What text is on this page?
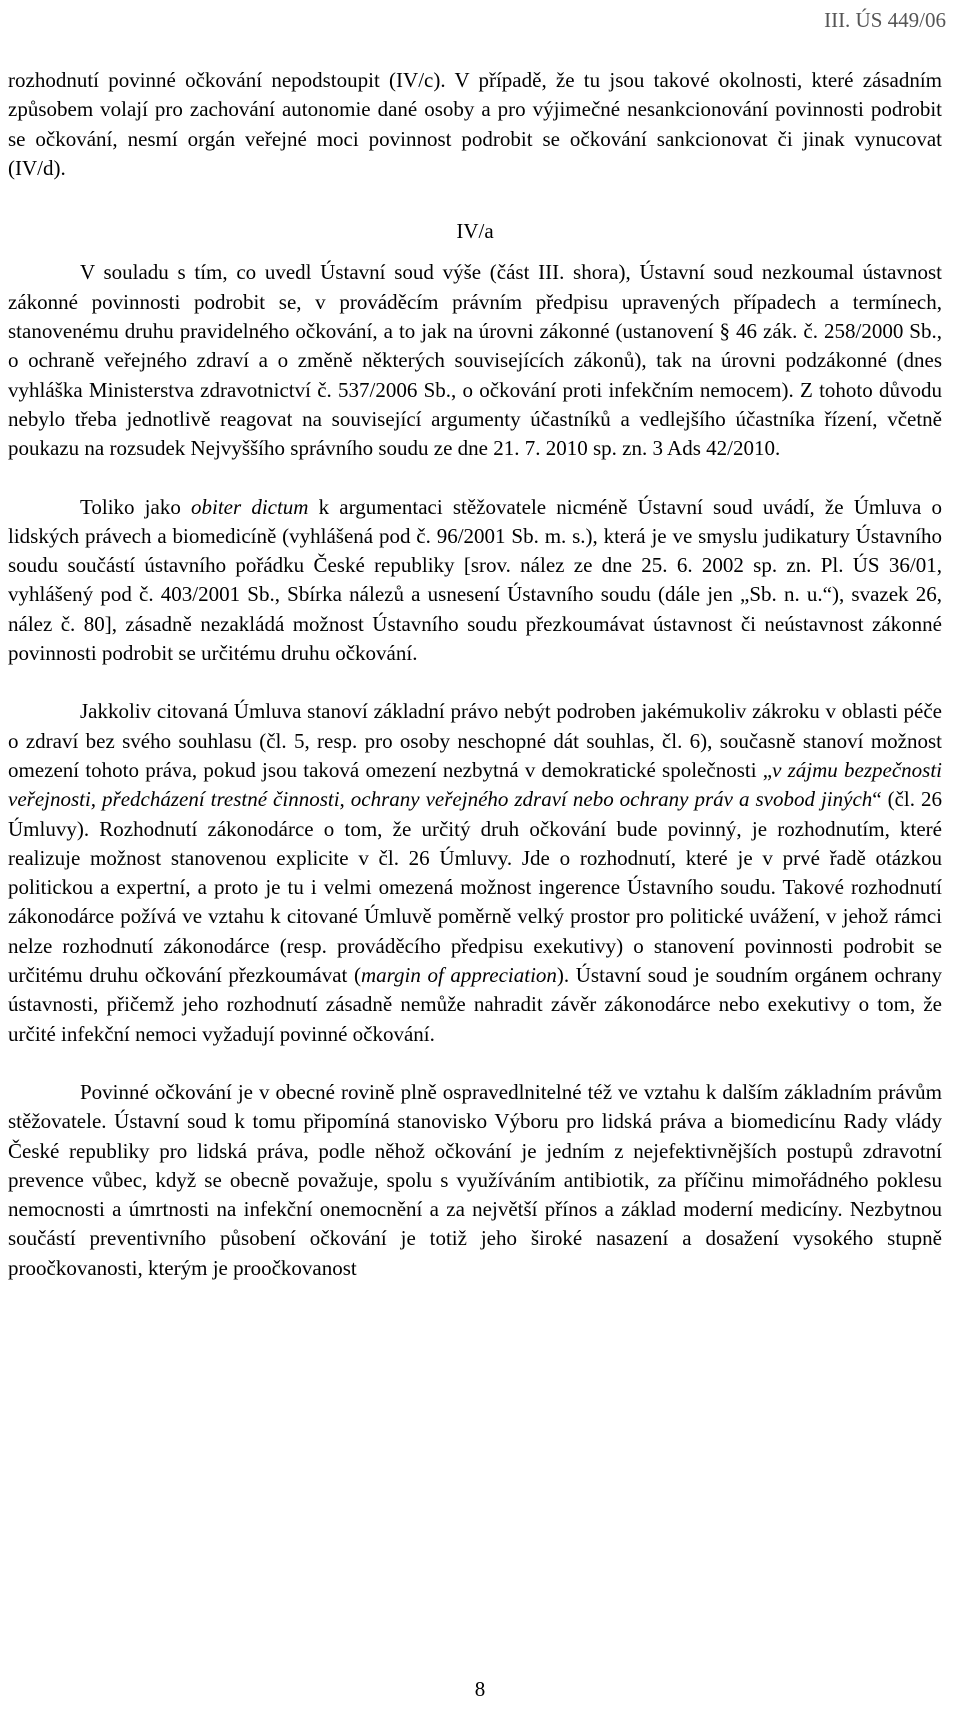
III. ÚS 449/06

rozhodnutí povinné očkování nepodstoupit (IV/c). V případě, že tu jsou takové okolnosti, které zásadním způsobem volají pro zachování autonomie dané osoby a pro výjimečné nesankcionování povinnosti podrobit se očkování, nesmí orgán veřejné moci povinnost podrobit se očkování sankcionovat či jinak vynucovat (IV/d).

IV/a

V souladu s tím, co uvedl Ústavní soud výše (část III. shora), Ústavní soud nezkoumal ústavnost zákonné povinnosti podrobit se, v prováděcím právním předpisu upravených případech a termínech, stanovenému druhu pravidelného očkování, a to jak na úrovni zákonné (ustanovení § 46 zák. č. 258/2000 Sb., o ochraně veřejného zdraví a o změně některých souvisejících zákonů), tak na úrovni podzákonné (dnes vyhláška Ministerstva zdravotnictví č. 537/2006 Sb., o očkování proti infekčním nemocem). Z tohoto důvodu nebylo třeba jednotlivě reagovat na související argumenty účastníků a vedlejšího účastníka řízení, včetně poukazu na rozsudek Nejvyššího správního soudu ze dne 21. 7. 2010 sp. zn. 3 Ads 42/2010.

Toliko jako obiter dictum k argumentaci stěžovatele nicméně Ústavní soud uvádí, že Úmluva o lidských právech a biomedicíně (vyhlášená pod č. 96/2001 Sb. m. s.), která je ve smyslu judikatury Ústavního soudu součástí ústavního pořádku České republiky [srov. nález ze dne 25. 6. 2002 sp. zn. Pl. ÚS 36/01, vyhlášený pod č. 403/2001 Sb., Sbírka nálezů a usnesení Ústavního soudu (dále jen „Sb. n. u.“), svazek 26, nález č. 80], zásadně nezakládá možnost Ústavního soudu přezkoumávat ústavnost či neústavnost zákonné povinnosti podrobit se určitému druhu očkování.

Jakkoliv citovaná Úmluva stanoví základní právo nebýt podroben jakémukoliv zákroku v oblasti péče o zdraví bez svého souhlasu (čl. 5, resp. pro osoby neschopné dát souhlas, čl. 6), současně stanoví možnost omezení tohoto práva, pokud jsou taková omezení nezbytná v demokratické společnosti „v zájmu bezpečnosti veřejnosti, předcházení trestné činnosti, ochrany veřejného zdraví nebo ochrany práv a svobod jiných“ (čl. 26 Úmluvy). Rozhodnutí zákonodárce o tom, že určitý druh očkování bude povinný, je rozhodnutím, které realizuje možnost stanovenou explicite v čl. 26 Úmluvy. Jde o rozhodnutí, které je v prvé řadě otázkou politickou a expertní, a proto je tu i velmi omezená možnost ingerence Ústavního soudu. Takové rozhodnutí zákonodárce požívá ve vztahu k citované Úmluvě poměrně velký prostor pro politické uvážení, v jehož rámci nelze rozhodnutí zákonodárce (resp. prováděcího předpisu exekutivy) o stanovení povinnosti podrobit se určitému druhu očkování přezkoumávat (margin of appreciation). Ústavní soud je soudním orgánem ochrany ústavnosti, přičemž jeho rozhodnutí zásadně nemůže nahradit závěr zákonodárce nebo exekutivy o tom, že určité infekční nemoci vyžadují povinné očkování.

Povinné očkování je v obecné rovině plně ospravedlnitelné též ve vztahu k dalším základním právům stěžovatele. Ústavní soud k tomu připomíná stanovisko Výboru pro lidská práva a biomedicínu Rady vlády České republiky pro lidská práva, podle něhož očkování je jedním z nejefektivnějších postupů zdravotní prevence vůbec, když se obecně považuje, spolu s využíváním antibiotik, za příčinu mimořádného poklesu nemocnosti a úmrtnosti na infekční onemocnění a za největší přínos a základ moderní medicíny. Nezbytnou součástí preventivního působení očkování je totiž jeho široké nasazení a dosažení vysokého stupně proočkovanosti, kterým je proočkovanost

8
